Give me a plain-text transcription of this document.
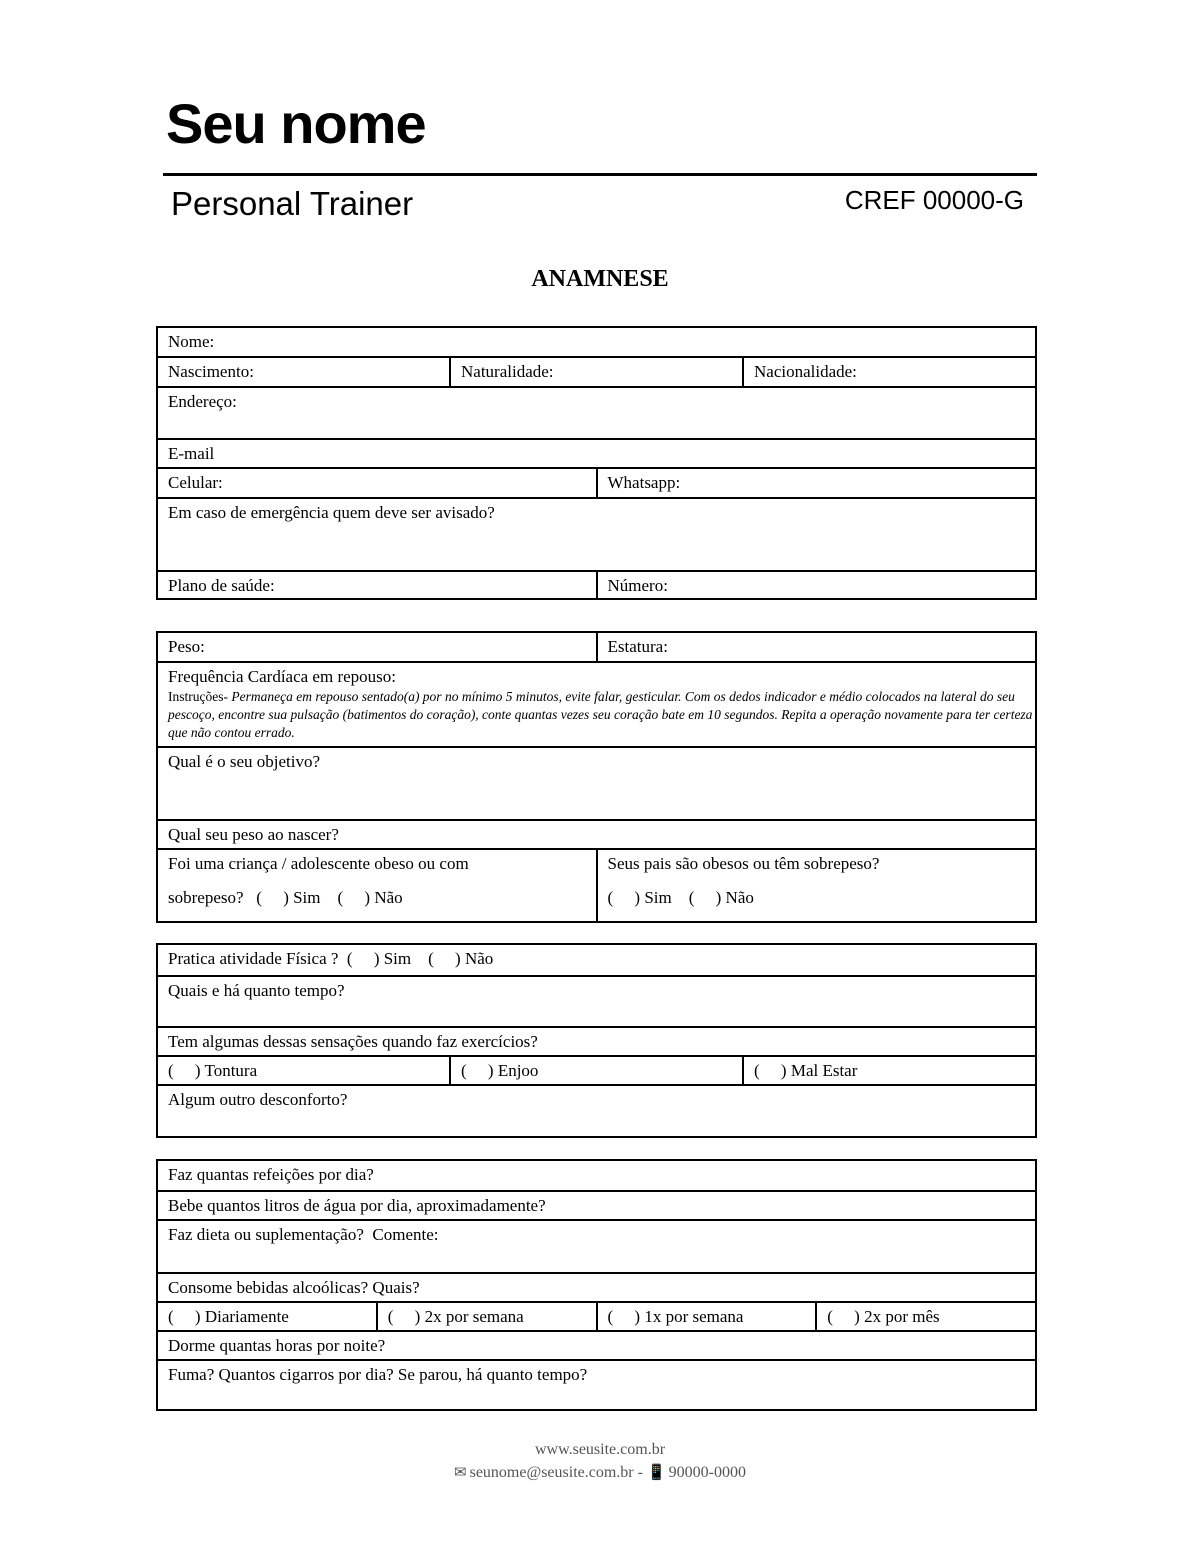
Seu nome
Personal Trainer	CREF 00000-G
ANAMNESE
Nome:
Nascimento:	Naturalidade:	Nacionalidade:
Endereço:
E-mail
Celular:	Whatsapp:
Em caso de emergência quem deve ser avisado?
Plano de saúde:	Número:
Peso:	Estatura:
Frequência Cardíaca em repouso:
Instruções- Permaneça em repouso sentado(a) por no mínimo 5 minutos, evite falar, gesticular. Com os dedos indicador e médio colocados na lateral do seu pescoço, encontre sua pulsação (batimentos do coração), conte quantas vezes seu coração bate em 10 segundos. Repita a operação novamente para ter certeza que não contou errado.
Qual é o seu objetivo?
Qual seu peso ao nascer?
Foi uma criança / adolescente obeso ou com
sobrepeso?   (     ) Sim    (     ) Não
Seus pais são obesos ou têm sobrepeso?
(     ) Sim    (     ) Não
Pratica atividade Física ?  (     ) Sim    (     ) Não
Quais e há quanto tempo?
Tem algumas dessas sensações quando faz exercícios?
(     ) Tontura	(     ) Enjoo	(     ) Mal Estar
Algum outro desconforto?
Faz quantas refeições por dia?
Bebe quantos litros de água por dia, aproximadamente?
Faz dieta ou suplementação?  Comente:
Consome bebidas alcoólicas? Quais?
(     ) Diariamente	(     ) 2x por semana	(     ) 1x por semana	(     ) 2x por mês
Dorme quantas horas por noite?
Fuma? Quantos cigarros por dia? Se parou, há quanto tempo?
www.seusite.com.br
✉ seunome@seusite.com.br - 📱 90000-0000
